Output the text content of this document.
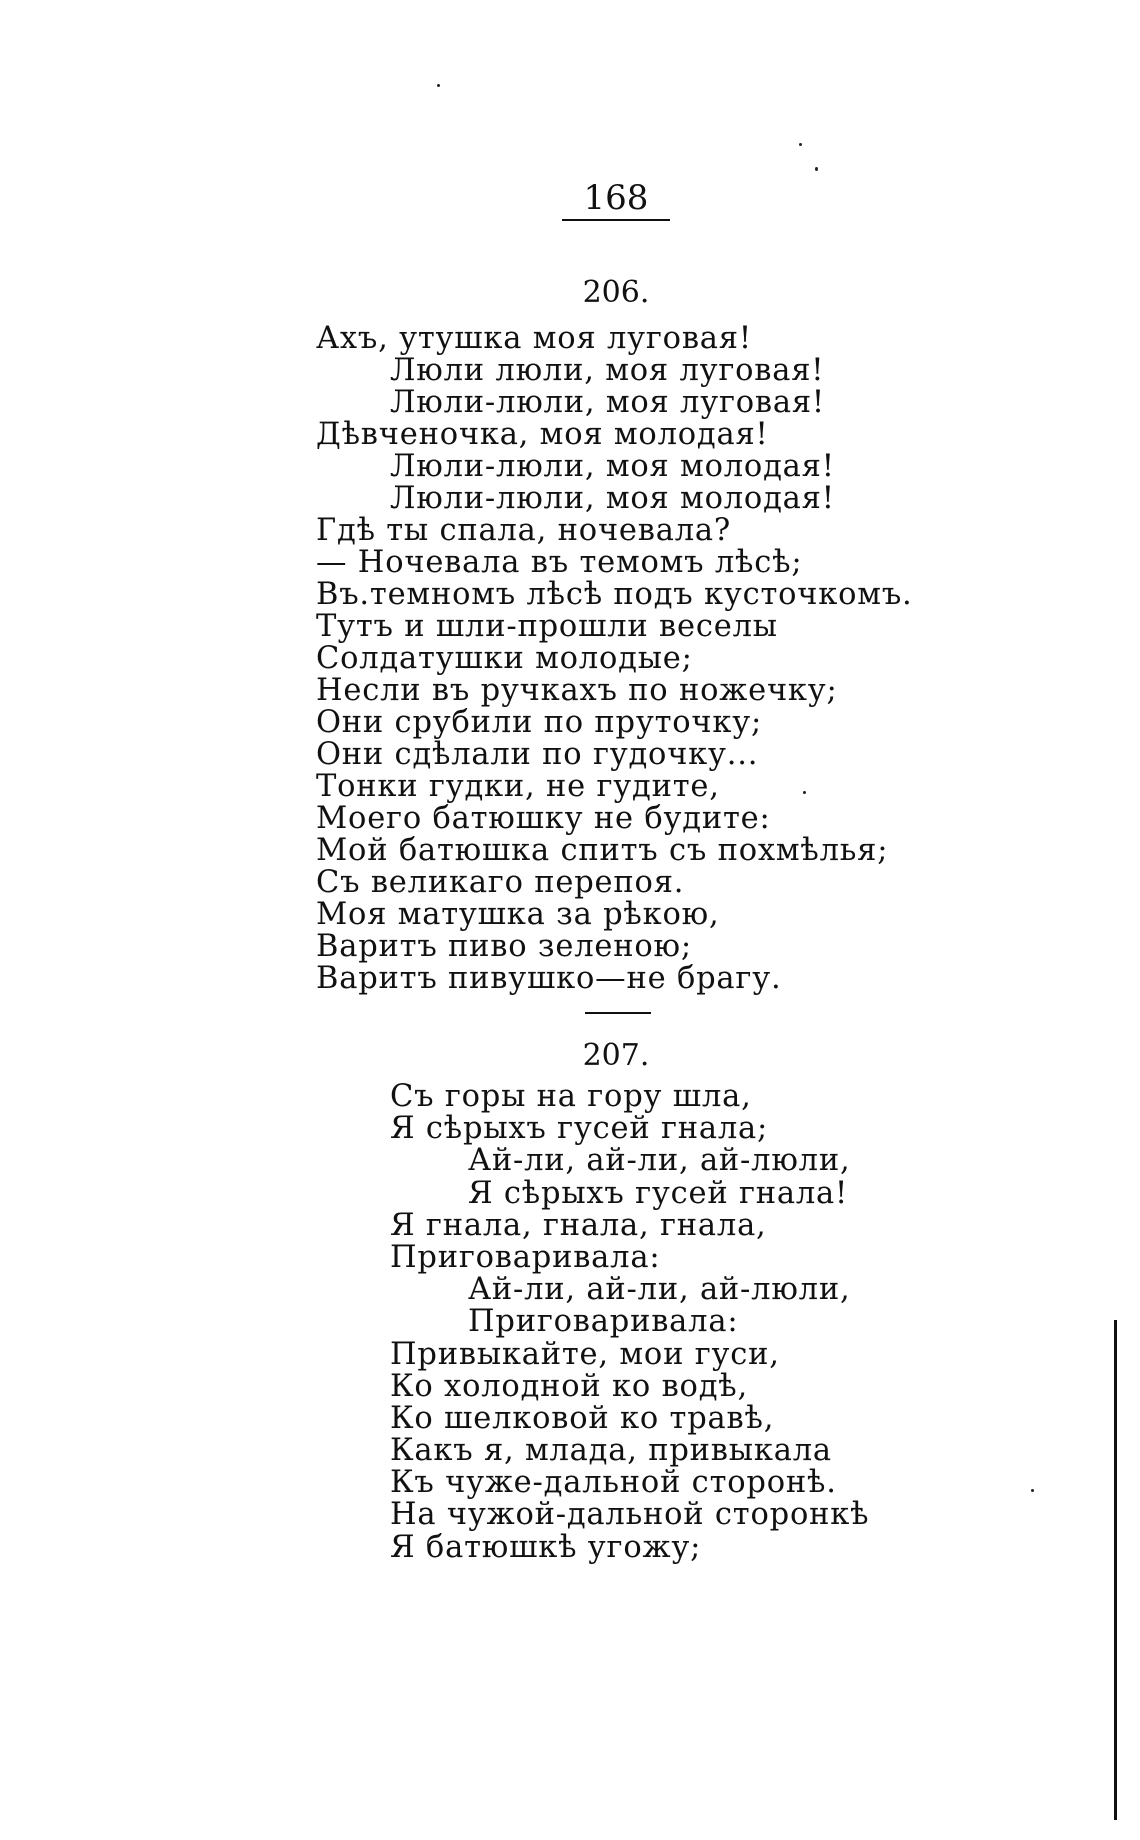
168
206.
Ахъ, утушка моя луговая!
Люли люли, моя луговая!
Люли-люли, моя луговая!
Дѣвченочка, моя молодая!
Люли-люли, моя молодая!
Люли-люли, моя молодая!
Гдѣ ты спала, ночевала?
— Ночевала въ темомъ лѣсѣ;
Въ.темномъ лѣсѣ подъ кусточкомъ.
Тутъ и шли-прошли веселы
Солдатушки молодые;
Несли въ ручкахъ по ножечку;
Они срубили по пруточку;
Они сдѣлали по гудочку...
Тонки гудки, не гудите,
Моего батюшку не будите:
Мой батюшка спитъ съ похмѣлья;
Съ великаго перепоя.
Моя матушка за рѣкою,
Варитъ пиво зеленою;
Варитъ пивушко—не брагу.
207.
Съ горы на гору шла,
Я сѣрыхъ гусей гнала;
Ай-ли, ай-ли, ай-люли,
Я сѣрыхъ гусей гнала!
Я гнала, гнала, гнала,
Приговаривала:
Ай-ли, ай-ли, ай-люли,
Приговаривала:
Привыкайте, мои гуси,
Ко холодной ко водѣ,
Ко шелковой ко травѣ,
Какъ я, млада, привыкала
Къ чуже-дальной сторонѣ.
На чужой-дальной сторонкѣ
Я батюшкѣ угожу;
